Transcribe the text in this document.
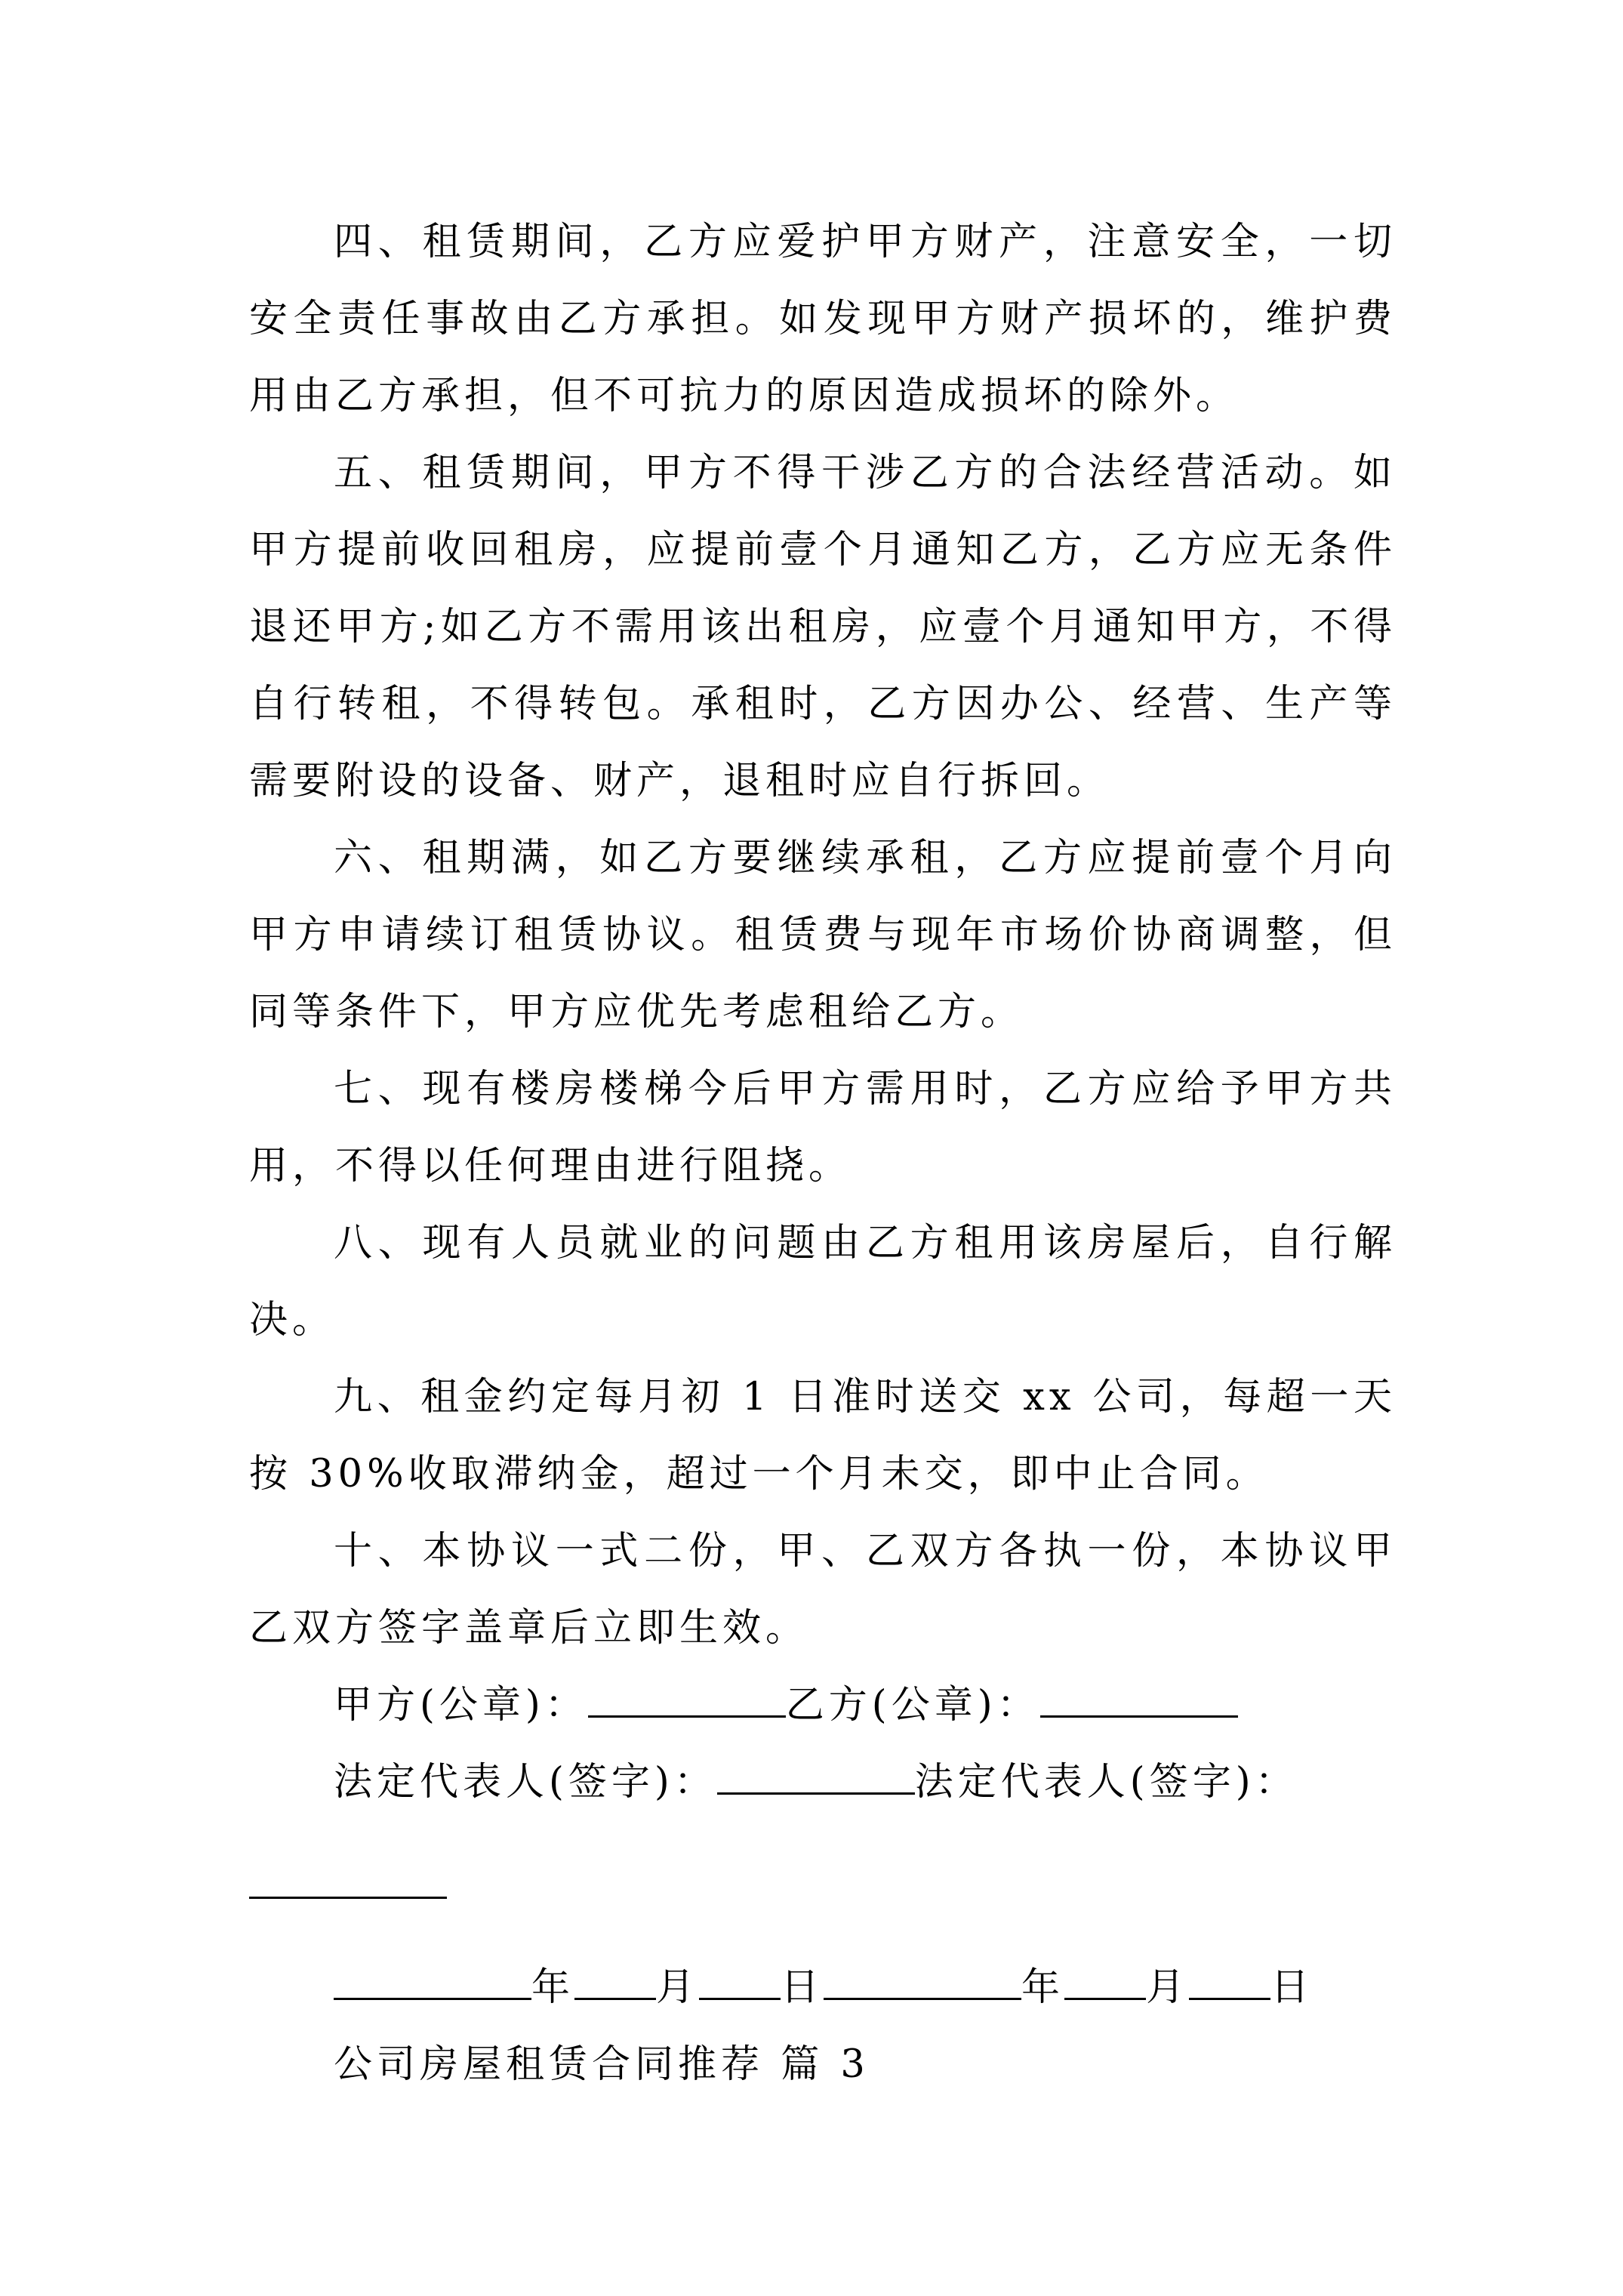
四、租赁期间，乙方应爱护甲方财产，注意安全，一切安全责任事故由乙方承担。如发现甲方财产损坏的，维护费用由乙方承担，但不可抗力的原因造成损坏的除外。

五、租赁期间，甲方不得干涉乙方的合法经营活动。如甲方提前收回租房，应提前壹个月通知乙方，乙方应无条件退还甲方;如乙方不需用该出租房，应壹个月通知甲方，不得自行转租，不得转包。承租时，乙方因办公、经营、生产等需要附设的设备、财产，退租时应自行拆回。

六、租期满，如乙方要继续承租，乙方应提前壹个月向甲方申请续订租赁协议。租赁费与现年市场价协商调整，但同等条件下，甲方应优先考虑租给乙方。

七、现有楼房楼梯今后甲方需用时，乙方应给予甲方共用，不得以任何理由进行阻挠。

八、现有人员就业的问题由乙方租用该房屋后，自行解决。

九、租金约定每月初 1 日准时送交 xx 公司，每超一天按 30%收取滞纳金，超过一个月未交，即中止合同。

十、本协议一式二份，甲、乙双方各执一份，本协议甲乙双方签字盖章后立即生效。

甲方(公章)：	乙方(公章)：
法定代表人(签字)：	法定代表人(签字)：
年 月 日	年 月 日
公司房屋租赁合同推荐 篇 3
